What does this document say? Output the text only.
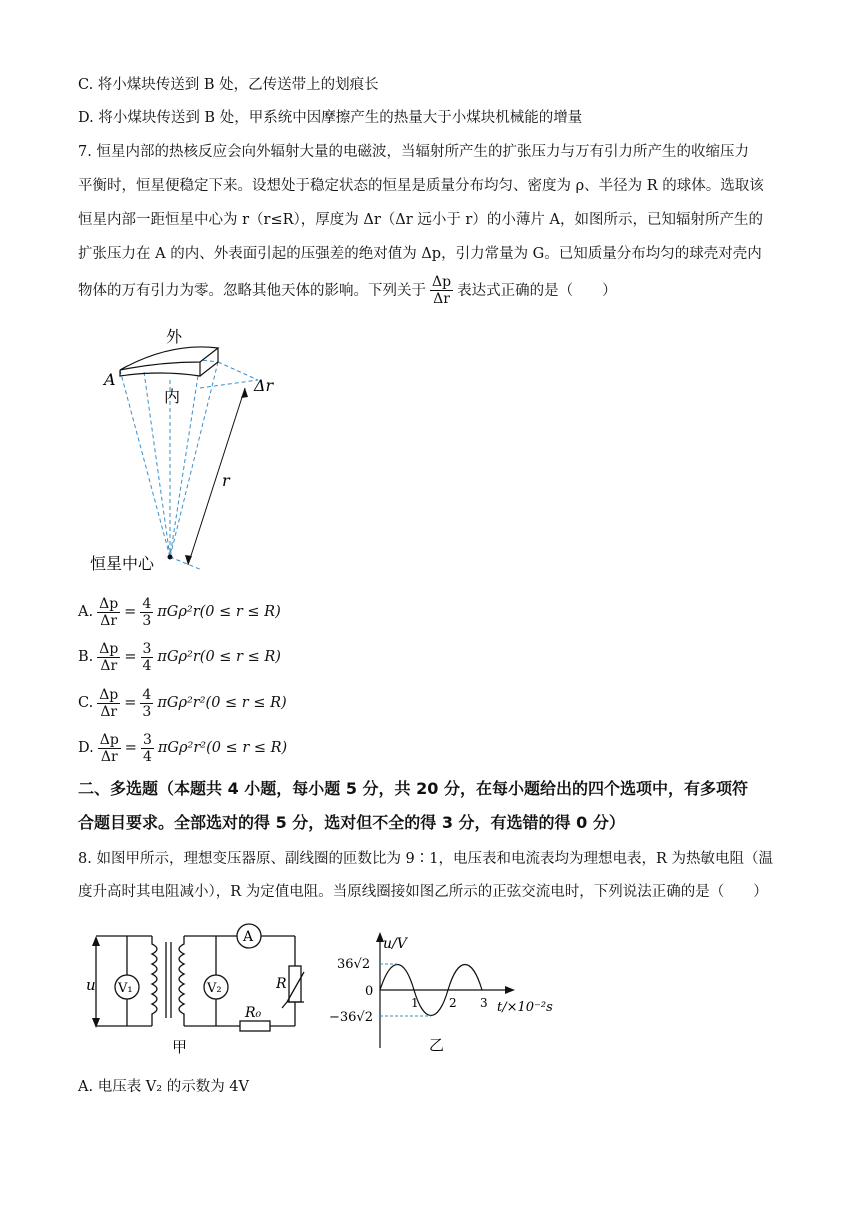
C. 将小煤块传送到 B 处，乙传送带上的划痕长
D. 将小煤块传送到 B 处，甲系统中因摩擦产生的热量大于小煤块机械能的增量
7. 恒星内部的热核反应会向外辐射大量的电磁波，当辐射所产生的扩张压力与万有引力所产生的收缩压力
平衡时，恒星便稳定下来。设想处于稳定状态的恒星是质量分布均匀、密度为 ρ、半径为 R 的球体。选取该
恒星内部一距恒星中心为 r（r≤R），厚度为 Δr（Δr 远小于 r）的小薄片 A，如图所示，已知辐射所产生的
扩张压力在 A 的内、外表面引起的压强差的绝对值为 Δp，引力常量为 G。已知质量分布均匀的球壳对壳内
物体的万有引力为零。忽略其他天体的影响。下列关于 $\frac{\Delta p}{\Delta r}$ 表达式正确的是（　　）
外
内
A	Δr
r
恒星中心
A. $\frac{\Delta p}{\Delta r} = \frac{4}{3} \pi G\rho^2r(0 \le r \le R)$
B. $\frac{\Delta p}{\Delta r} = \frac{3}{4} \pi G\rho^2r(0 \le r \le R)$
C. $\frac{\Delta p}{\Delta r} = \frac{4}{3} \pi G\rho^2r^2(0 \le r \le R)$
D. $\frac{\Delta p}{\Delta r} = \frac{3}{4} \pi G\rho^2r^2(0 \le r \le R)$
二、多选题（本题共 4 小题，每小题 5 分，共 20 分，在每小题给出的四个选项中，有多项符
合题目要求。全部选对的得 5 分，选对但不全的得 3 分，有选错的得 0 分）
8. 如图甲所示，理想变压器原、副线圈的匝数比为 9∶1，电压表和电流表均为理想电表，R 为热敏电阻（温
度升高时其电阻减小），R 为定值电阻。当原线圈接如图乙所示的正弦交流电时，下列说法正确的是（　　）
u V₁	V₂
A
R
R₀
甲
u/V
36√2
0
−36√2
1	2 3 t/×10⁻²s
乙
A. 电压表 V₂ 的示数为 4V
